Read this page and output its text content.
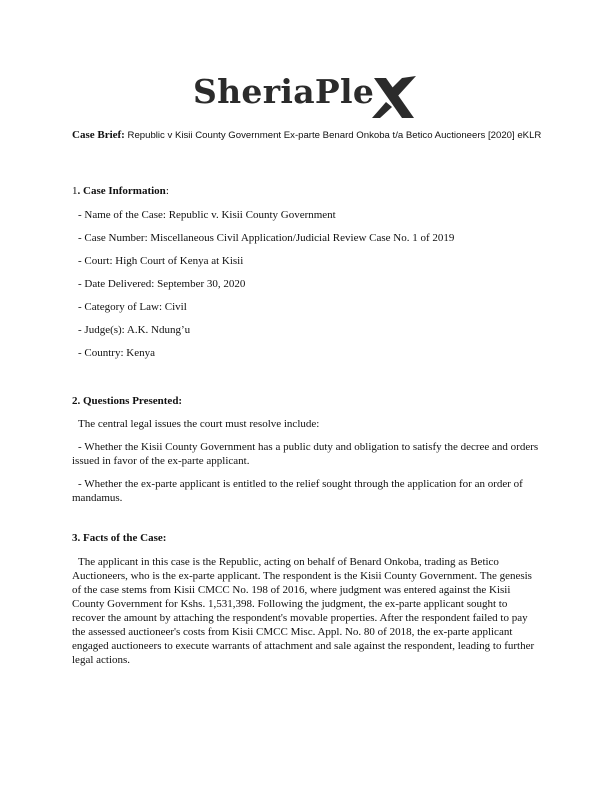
SheriaPle
Case Brief: Republic v Kisii County Government Ex-parte Benard Onkoba t/a Betico Auctioneers [2020] eKLR

1. Case Information:

- Name of the Case: Republic v. Kisii County Government

- Case Number: Miscellaneous Civil Application/Judicial Review Case No. 1 of 2019

- Court: High Court of Kenya at Kisii

- Date Delivered: September 30, 2020

- Category of Law: Civil

- Judge(s): A.K. Ndung’u

- Country: Kenya

2. Questions Presented:

The central legal issues the court must resolve include:

- Whether the Kisii County Government has a public duty and obligation to satisfy the decree and orders issued in favor of the ex-parte applicant.

- Whether the ex-parte applicant is entitled to the relief sought through the application for an order of mandamus.

3. Facts of the Case:

The applicant in this case is the Republic, acting on behalf of Benard Onkoba, trading as Betico Auctioneers, who is the ex-parte applicant. The respondent is the Kisii County Government. The genesis of the case stems from Kisii CMCC No. 198 of 2016, where judgment was entered against the Kisii County Government for Kshs. 1,531,398. Following the judgment, the ex-parte applicant sought to recover the amount by attaching the respondent's movable properties. After the respondent failed to pay the assessed auctioneer's costs from Kisii CMCC Misc. Appl. No. 80 of 2018, the ex-parte applicant engaged auctioneers to execute warrants of attachment and sale against the respondent, leading to further legal actions.
